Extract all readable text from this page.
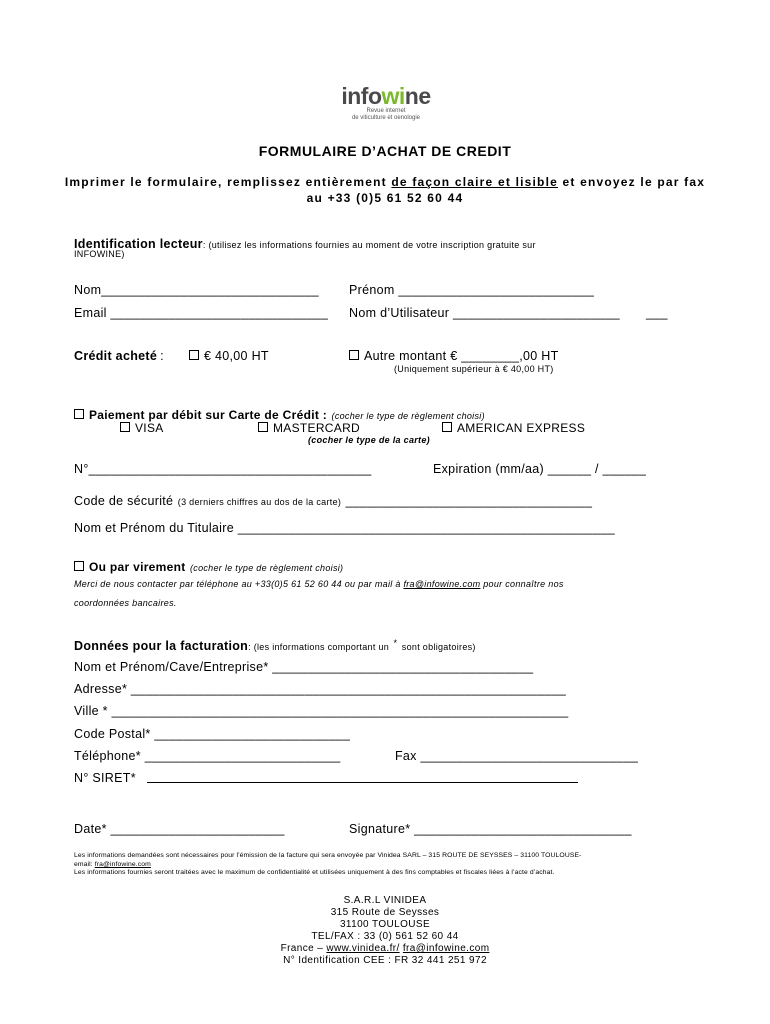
infowine
Revue internet
de viticulture et oenologie
FORMULAIRE D’ACHAT DE CREDIT
Imprimer le formulaire, remplissez entièrement de façon claire et lisible et envoyez le par fax au +33 (0)5 61 52 60 44
Identification lecteur: (utilisez les informations fournies au moment de votre inscription gratuite sur
INFOWINE)
Nom______________________________ Prénom ___________________________
Email ______________________________ Nom d’Utilisateur _______________________ ___
Crédit acheté :	€ 40,00 HT	Autre montant € ________,00 HT
(Uniquement supérieur à € 40,00 HT)
Paiement par débit sur Carte de Crédit : (cocher le type de règlement choisi)
VISA	MASTERCARD	AMERICAN EXPRESS
(cocher le type de la carte)
N°_______________________________________	Expiration (mm/aa) ______ / ______
Code de sécurité (3 derniers chiffres au dos de la carte) __________________________________
Nom et Prénom du Titulaire ____________________________________________________
Ou par virement (cocher le type de règlement choisi)
Merci de nous contacter par téléphone au +33(0)5 61 52 60 44 ou par mail à fra@infowine.com pour connaître nos
coordonnées bancaires.
Données pour la facturation: (les informations comportant un * sont obligatoires)
Nom et Prénom/Cave/Entreprise* ____________________________________
Adresse* ____________________________________________________________
Ville * _______________________________________________________________
Code Postal* ___________________________
Téléphone* ___________________________	Fax ______________________________
N° SIRET*
Date* ________________________	Signature* ______________________________
Les informations demandées sont nécessaires pour l’émission de la facture qui sera envoyée par Vinidea SARL – 315 ROUTE DE SEYSSES – 31100 TOULOUSE-
email: fra@infowine.com
Les informations fournies seront traitées avec le maximum de confidentialité et utilisées uniquement à des fins comptables et fiscales liées à l’acte d’achat.
S.A.R.L VINIDEA
315 Route de Seysses
31100 TOULOUSE
TEL/FAX : 33 (0) 561 52 60 44
France – www.vinidea.fr/ fra@infowine.com
N° Identification CEE : FR 32 441 251 972
